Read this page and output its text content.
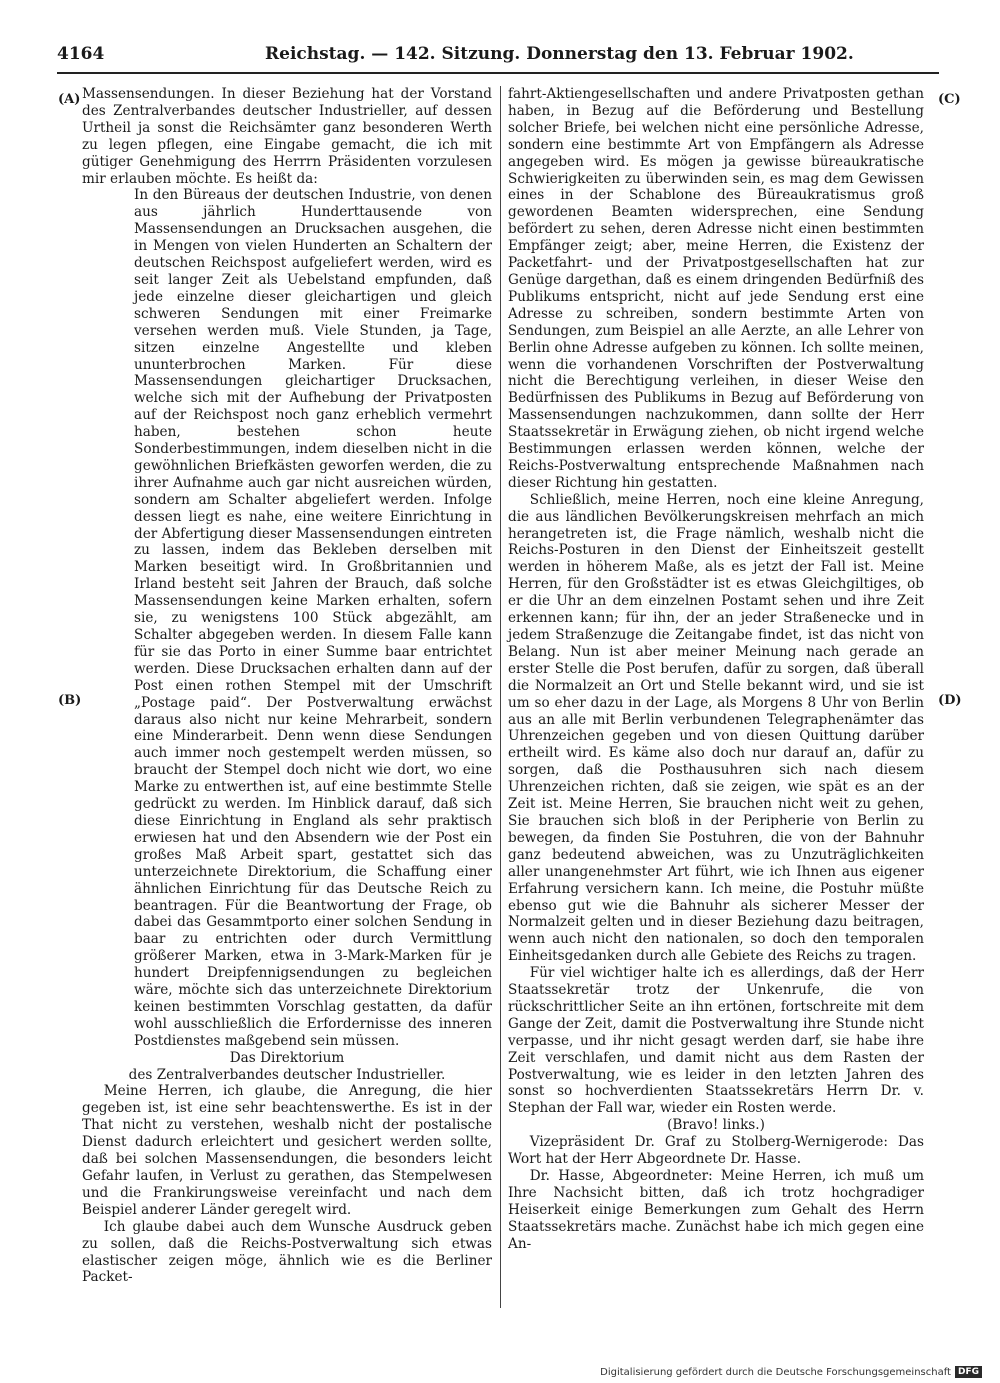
4164	Reichstag. — 142. Sitzung. Donnerstag den 13. Februar 1902.
(A)
(B)
(C)
(D)

Massensendungen. In dieser Beziehung hat der Vorstand des Zentralverbandes deutscher Industrieller, auf dessen Urtheil ja sonst die Reichsämter ganz besonderen Werth zu legen pflegen, eine Eingabe gemacht, die ich mit gütiger Genehmigung des Herrrn Präsidenten vorzulesen mir erlauben möchte. Es heißt da:

In den Büreaus der deutschen Industrie, von denen aus jährlich Hunderttausende von Massensendungen an Drucksachen ausgehen, die in Mengen von vielen Hunderten an Schaltern der deutschen Reichspost aufgeliefert werden, wird es seit langer Zeit als Uebelstand empfunden, daß jede einzelne dieser gleichartigen und gleich schweren Sendungen mit einer Freimarke versehen werden muß. Viele Stunden, ja Tage, sitzen einzelne Angestellte und kleben ununterbrochen Marken. Für diese Massensendungen gleichartiger Drucksachen, welche sich mit der Aufhebung der Privatposten auf der Reichspost noch ganz erheblich vermehrt haben, bestehen schon heute Sonderbestimmungen, indem dieselben nicht in die gewöhnlichen Briefkästen geworfen werden, die zu ihrer Aufnahme auch gar nicht ausreichen würden, sondern am Schalter abgeliefert werden. Infolge dessen liegt es nahe, eine weitere Einrichtung in der Abfertigung dieser Massensendungen eintreten zu lassen, indem das Bekleben derselben mit Marken beseitigt wird. In Großbritannien und Irland besteht seit Jahren der Brauch, daß solche Massensendungen keine Marken erhalten, sofern sie, zu wenigstens 100 Stück abgezählt, am Schalter abgegeben werden. In diesem Falle kann für sie das Porto in einer Summe baar entrichtet werden. Diese Drucksachen erhalten dann auf der Post einen rothen Stempel mit der Umschrift „Postage paid“. Der Postverwaltung erwächst daraus also nicht nur keine Mehrarbeit, sondern eine Minderarbeit. Denn wenn diese Sendungen auch immer noch gestempelt werden müssen, so braucht der Stempel doch nicht wie dort, wo eine Marke zu entwerthen ist, auf eine bestimmte Stelle gedrückt zu werden. Im Hinblick darauf, daß sich diese Einrichtung in England als sehr praktisch erwiesen hat und den Absendern wie der Post ein großes Maß Arbeit spart, gestattet sich das unterzeichnete Direktorium, die Schaffung einer ähnlichen Einrichtung für das Deutsche Reich zu beantragen. Für die Beantwortung der Frage, ob dabei das Gesammtporto einer solchen Sendung in baar zu entrichten oder durch Vermittlung größerer Marken, etwa in 3-Mark-Marken für je hundert Dreipfennigsendungen zu begleichen wäre, möchte sich das unterzeichnete Direktorium keinen bestimmten Vorschlag gestatten, da dafür wohl ausschließlich die Erfordernisse des inneren Postdienstes maßgebend sein müssen.

Das Direktorium

des Zentralverbandes deutscher Industrieller.

Meine Herren, ich glaube, die Anregung, die hier gegeben ist, ist eine sehr beachtenswerthe. Es ist in der That nicht zu verstehen, weshalb nicht der postalische Dienst dadurch erleichtert und gesichert werden sollte, daß bei solchen Massensendungen, die besonders leicht Gefahr laufen, in Verlust zu gerathen, das Stempelwesen und die Frankirungsweise vereinfacht und nach dem Beispiel anderer Länder geregelt wird.

Ich glaube dabei auch dem Wunsche Ausdruck geben zu sollen, daß die Reichs-Postverwaltung sich etwas elastischer zeigen möge, ähnlich wie es die Berliner Packet-

fahrt-Aktiengesellschaften und andere Privatposten gethan haben, in Bezug auf die Beförderung und Bestellung solcher Briefe, bei welchen nicht eine persönliche Adresse, sondern eine bestimmte Art von Empfängern als Adresse angegeben wird. Es mögen ja gewisse büreaukratische Schwierigkeiten zu überwinden sein, es mag dem Gewissen eines in der Schablone des Büreaukratismus groß gewordenen Beamten widersprechen, eine Sendung befördert zu sehen, deren Adresse nicht einen bestimmten Empfänger zeigt; aber, meine Herren, die Existenz der Packetfahrt- und der Privatpostgesellschaften hat zur Genüge dargethan, daß es einem dringenden Bedürfniß des Publikums entspricht, nicht auf jede Sendung erst eine Adresse zu schreiben, sondern bestimmte Arten von Sendungen, zum Beispiel an alle Aerzte, an alle Lehrer von Berlin ohne Adresse aufgeben zu können. Ich sollte meinen, wenn die vorhandenen Vorschriften der Postverwaltung nicht die Berechtigung verleihen, in dieser Weise den Bedürfnissen des Publikums in Bezug auf Beförderung von Massensendungen nachzukommen, dann sollte der Herr Staatssekretär in Erwägung ziehen, ob nicht irgend welche Bestimmungen erlassen werden können, welche der Reichs-Postverwaltung entsprechende Maßnahmen nach dieser Richtung hin gestatten.

Schließlich, meine Herren, noch eine kleine Anregung, die aus ländlichen Bevölkerungskreisen mehrfach an mich herangetreten ist, die Frage nämlich, weshalb nicht die Reichs-Posturen in den Dienst der Einheitszeit gestellt werden in höherem Maße, als es jetzt der Fall ist. Meine Herren, für den Großstädter ist es etwas Gleichgiltiges, ob er die Uhr an dem einzelnen Postamt sehen und ihre Zeit erkennen kann; für ihn, der an jeder Straßenecke und in jedem Straßenzuge die Zeitangabe findet, ist das nicht von Belang. Nun ist aber meiner Meinung nach gerade an erster Stelle die Post berufen, dafür zu sorgen, daß überall die Normalzeit an Ort und Stelle bekannt wird, und sie ist um so eher dazu in der Lage, als Morgens 8 Uhr von Berlin aus an alle mit Berlin verbundenen Telegraphenämter das Uhrenzeichen gegeben und von diesen Quittung darüber ertheilt wird. Es käme also doch nur darauf an, dafür zu sorgen, daß die Posthausuhren sich nach diesem Uhrenzeichen richten, daß sie zeigen, wie spät es an der Zeit ist. Meine Herren, Sie brauchen nicht weit zu gehen, Sie brauchen sich bloß in der Peripherie von Berlin zu bewegen, da finden Sie Postuhren, die von der Bahnuhr ganz bedeutend abweichen, was zu Unzuträglichkeiten aller unangenehmster Art führt, wie ich Ihnen aus eigener Erfahrung versichern kann. Ich meine, die Postuhr müßte ebenso gut wie die Bahnuhr als sicherer Messer der Normalzeit gelten und in dieser Beziehung dazu beitragen, wenn auch nicht den nationalen, so doch den temporalen Einheitsgedanken durch alle Gebiete des Reichs zu tragen.

Für viel wichtiger halte ich es allerdings, daß der Herr Staatssekretär trotz der Unkenrufe, die von rückschrittlicher Seite an ihn ertönen, fortschreite mit dem Gange der Zeit, damit die Postverwaltung ihre Stunde nicht verpasse, und ihr nicht gesagt werden darf, sie habe ihre Zeit verschlafen, und damit nicht aus dem Rasten der Postverwaltung, wie es leider in den letzten Jahren des sonst so hochverdienten Staatssekretärs Herrn Dr. v. Stephan der Fall war, wieder ein Rosten werde.

(Bravo! links.)

Vizepräsident Dr. Graf zu Stolberg-Wernigerode: Das Wort hat der Herr Abgeordnete Dr. Hasse.

Dr. Hasse, Abgeordneter: Meine Herren, ich muß um Ihre Nachsicht bitten, daß ich trotz hochgradiger Heiserkeit einige Bemerkungen zum Gehalt des Herrn Staatssekretärs mache. Zunächst habe ich mich gegen eine An-

Digitalisierung gefördert durch die Deutsche Forschungsgemeinschaft DFG
